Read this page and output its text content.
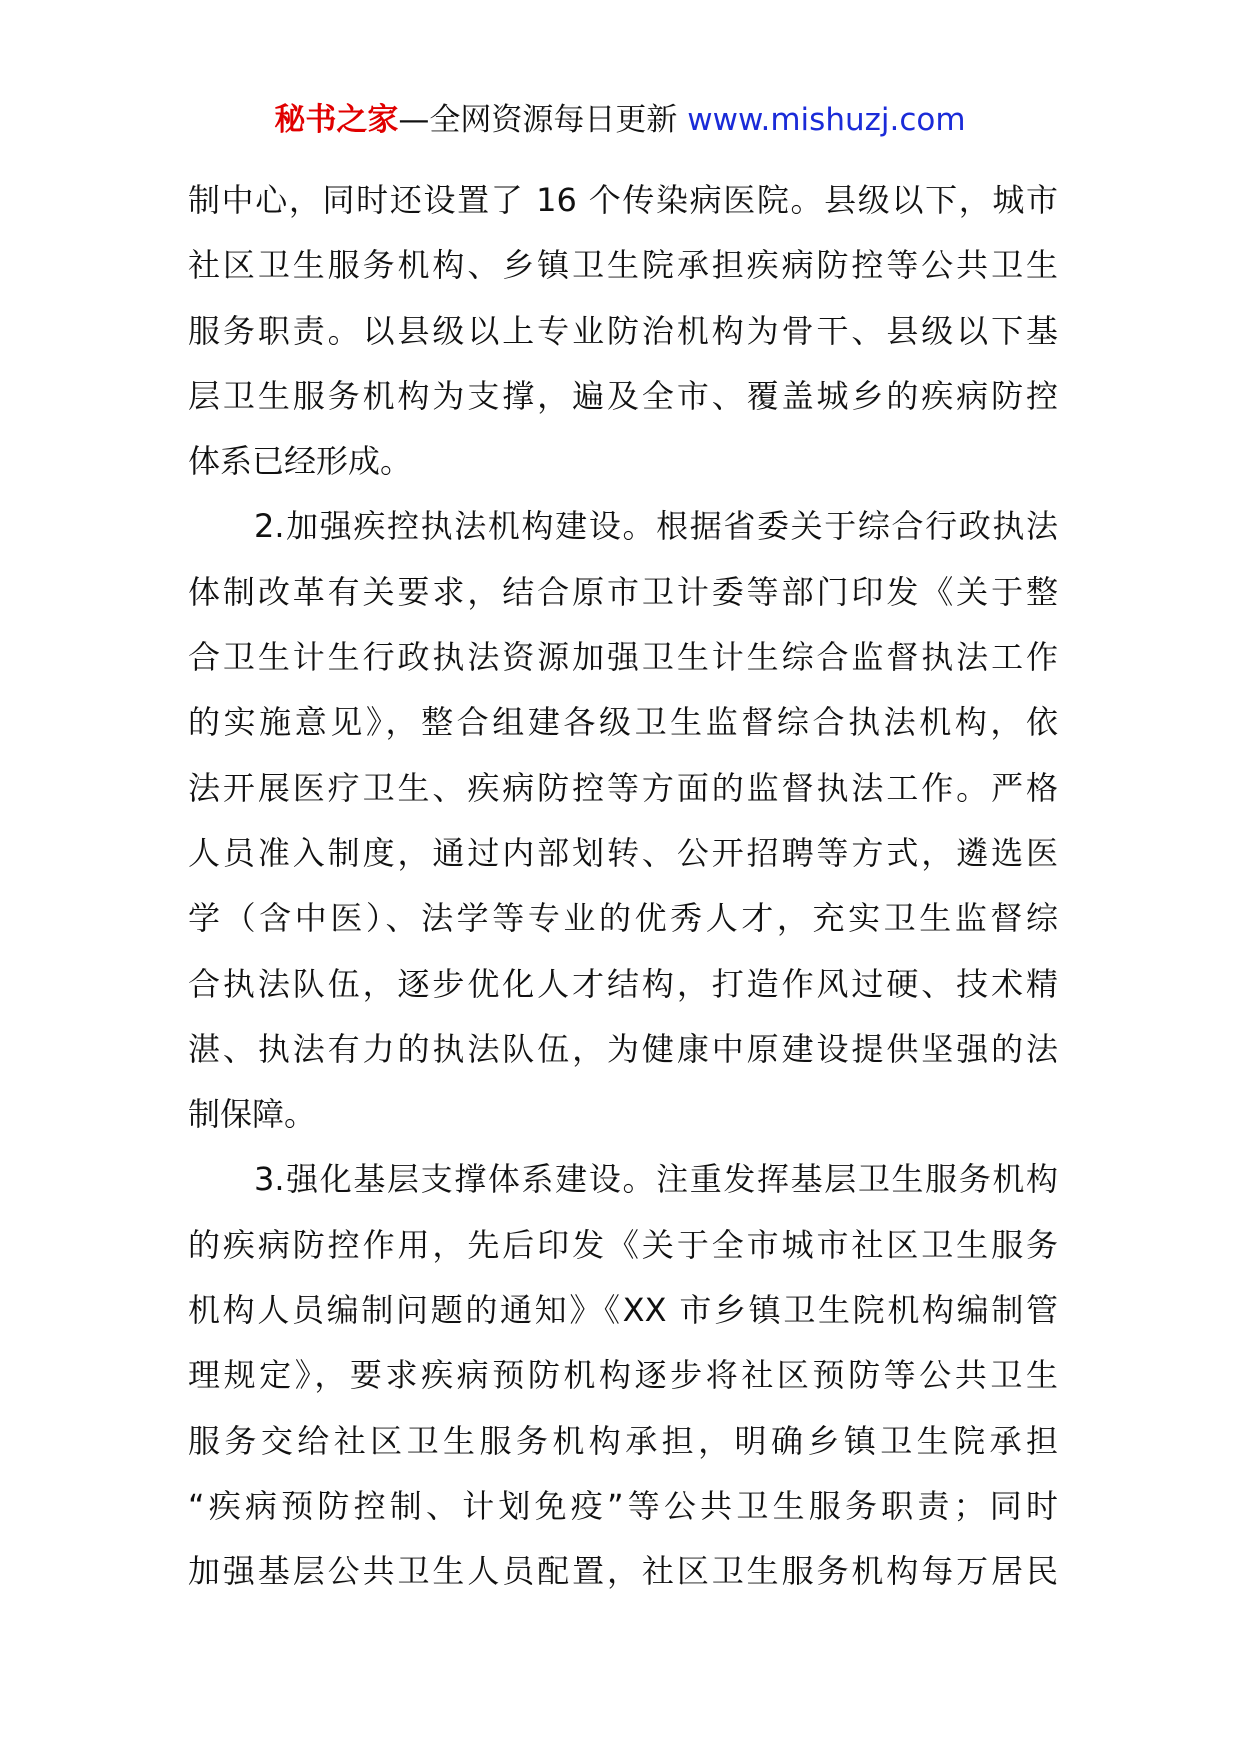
秘书之家—全网资源每日更新 www.mishuzj.com
制中心，同时还设置了 16 个传染病医院。县级以下，城市
社区卫生服务机构、乡镇卫生院承担疾病防控等公共卫生
服务职责。以县级以上专业防治机构为骨干、县级以下基
层卫生服务机构为支撑，遍及全市、覆盖城乡的疾病防控
体系已经形成。
2.加强疾控执法机构建设。根据省委关于综合行政执法
体制改革有关要求，结合原市卫计委等部门印发《关于整
合卫生计生行政执法资源加强卫生计生综合监督执法工作
的实施意见》，整合组建各级卫生监督综合执法机构，依
法开展医疗卫生、疾病防控等方面的监督执法工作。严格
人员准入制度，通过内部划转、公开招聘等方式，遴选医
学（含中医）、法学等专业的优秀人才，充实卫生监督综
合执法队伍，逐步优化人才结构，打造作风过硬、技术精
湛、执法有力的执法队伍，为健康中原建设提供坚强的法
制保障。
3.强化基层支撑体系建设。注重发挥基层卫生服务机构
的疾病防控作用，先后印发《关于全市城市社区卫生服务
机构人员编制问题的通知》《XX 市乡镇卫生院机构编制管
理规定》，要求疾病预防机构逐步将社区预防等公共卫生
服务交给社区卫生服务机构承担，明确乡镇卫生院承担
“疾病预防控制、计划免疫”等公共卫生服务职责；同时
加强基层公共卫生人员配置，社区卫生服务机构每万居民
